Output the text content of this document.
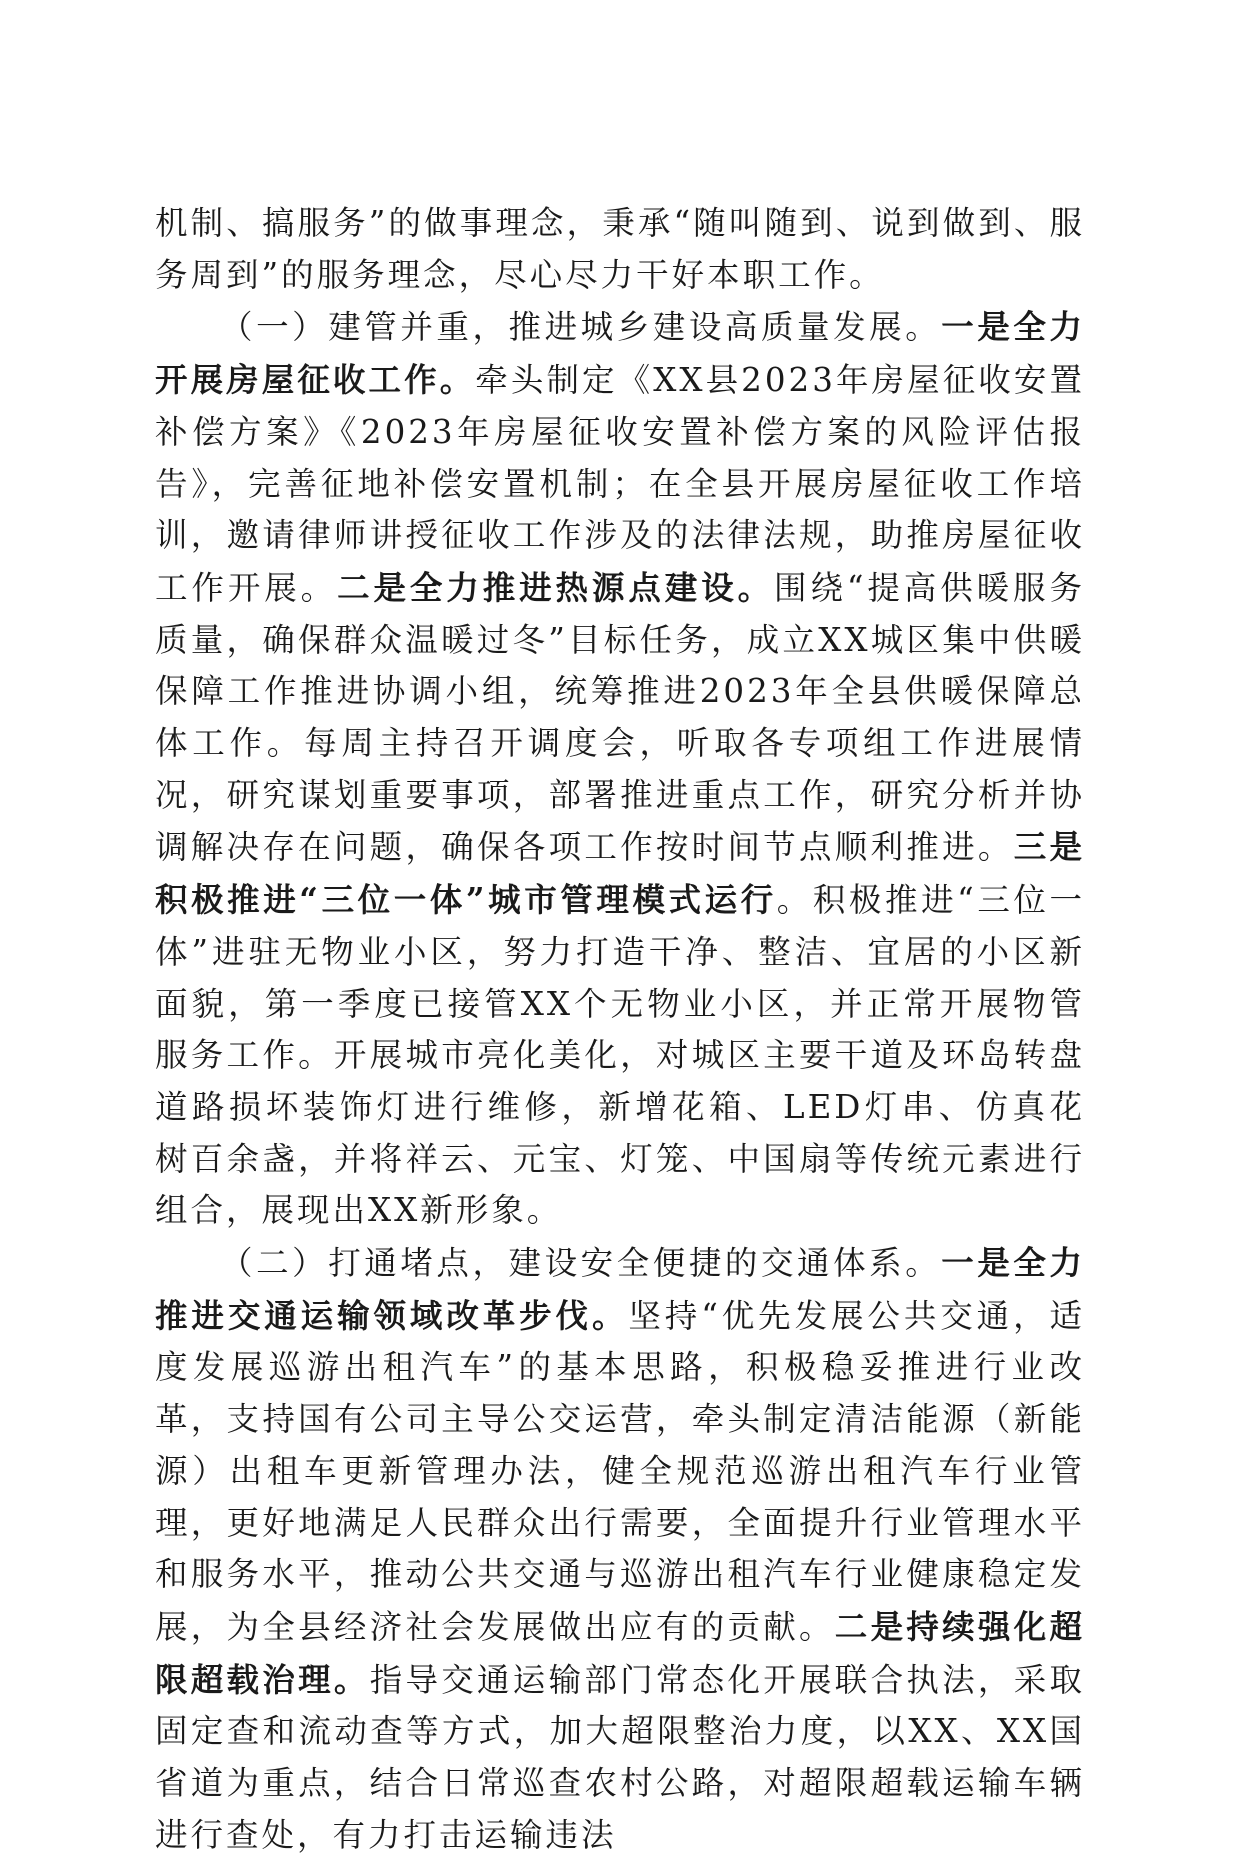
机制、搞服务”的做事理念，秉承“随叫随到、说到做到、服务周到”的服务理念，尽心尽力干好本职工作。

（一）建管并重，推进城乡建设高质量发展。一是全力开展房屋征收工作。牵头制定《XX县2023年房屋征收安置补偿方案》《2023年房屋征收安置补偿方案的风险评估报告》，完善征地补偿安置机制；在全县开展房屋征收工作培训，邀请律师讲授征收工作涉及的法律法规，助推房屋征收工作开展。二是全力推进热源点建设。围绕“提高供暖服务质量，确保群众温暖过冬”目标任务，成立XX城区集中供暖保障工作推进协调小组，统筹推进2023年全县供暖保障总体工作。每周主持召开调度会，听取各专项组工作进展情况，研究谋划重要事项，部署推进重点工作，研究分析并协调解决存在问题，确保各项工作按时间节点顺利推进。三是积极推进“三位一体”城市管理模式运行。积极推进“三位一体”进驻无物业小区，努力打造干净、整洁、宜居的小区新面貌，第一季度已接管XX个无物业小区，并正常开展物管服务工作。开展城市亮化美化，对城区主要干道及环岛转盘道路损坏装饰灯进行维修，新增花箱、LED灯串、仿真花树百余盏，并将祥云、元宝、灯笼、中国扇等传统元素进行组合，展现出XX新形象。

（二）打通堵点，建设安全便捷的交通体系。一是全力推进交通运输领域改革步伐。坚持“优先发展公共交通，适度发展巡游出租汽车”的基本思路，积极稳妥推进行业改革，支持国有公司主导公交运营，牵头制定清洁能源（新能源）出租车更新管理办法，健全规范巡游出租汽车行业管理，更好地满足人民群众出行需要，全面提升行业管理水平和服务水平，推动公共交通与巡游出租汽车行业健康稳定发展，为全县经济社会发展做出应有的贡献。二是持续强化超限超载治理。指导交通运输部门常态化开展联合执法，采取固定查和流动查等方式，加大超限整治力度，以XX、XX国省道为重点，结合日常巡查农村公路，对超限超载运输车辆进行查处，有力打击运输违法
